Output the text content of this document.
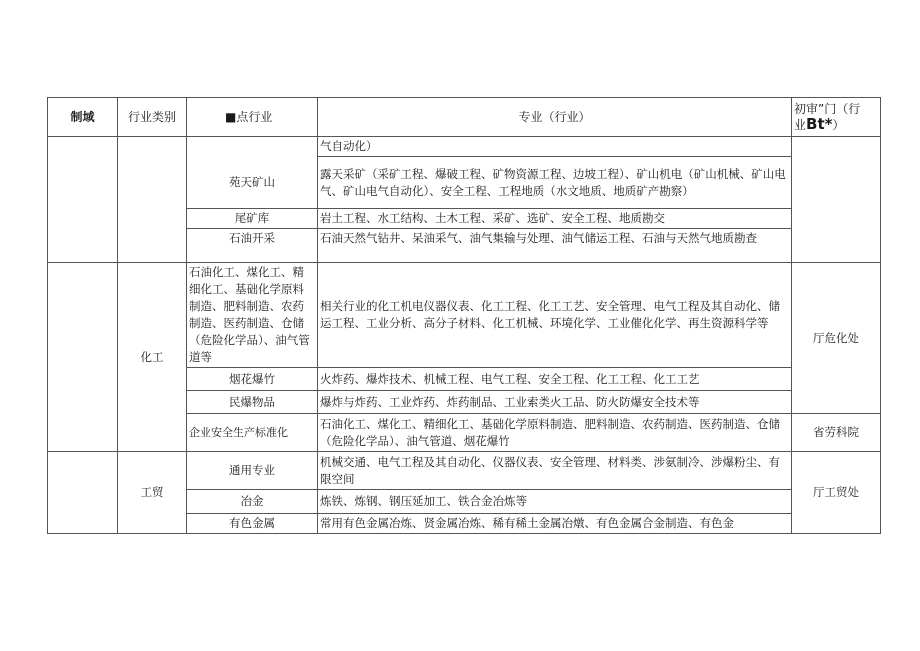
制域	行业类别	■点行业	专业（行业）	初审”门（行
业Bt*）
			气自动化）	
		苑天矿山	露天采矿（采矿工程、爆破工程、矿物资源工程、边坡工程）、矿山机电（矿山机械、矿山电气、矿山电气自动化）、安全工程、工程地质（水文地质、地质矿产勘察）	
		尾矿库	岩土工程、水工结构、土木工程、采矿、选矿、安全工程、地质勘交	
		石油开采	石油天然气钻井、呆油采气、油气集输与处理、油气储运工程、石油与天然气地质勘查	

	化工	石油化工、煤化工、精细化工、基础化学原料制造、肥料制造、农药制造、医药制造、仓储（危险化学品）、油气管道等	相关行业的化工机电仪器仪表、化工工程、化工工艺、安全管理、电气工程及其自动化、储运工程、工业分析、高分子材料、化工机械、环境化学、工业催化化学、再生资源科学等	厅危化处
		烟花爆竹	火炸药、爆炸技术、机械工程、电气工程、安全工程、化工工程、化工工艺	
		民爆物品	爆炸与炸药、工业炸药、炸药制品、工业索类火工品、防火防爆安全技术等	
		企业安全生产标准化	石油化工、煤化工、精细化工、基础化学原料制造、肥料制造、农药制造、医药制造、仓储（危险化学品）、油气管道、烟花爆竹	省劳科院
	工贸	通用专业	机械交通、电气工程及其自动化、仪器仪表、安全管理、材料类、涉氨制冷、涉爆粉尘、有限空间	厅工贸处
		冶金	炼铁、炼钢、钢压延加工、铁合金冶炼等	
		有色金属	常用有色金属冶炼、贤金属冶炼、稀有稀土金属冶燉、有色金属合金制造、有色金	
